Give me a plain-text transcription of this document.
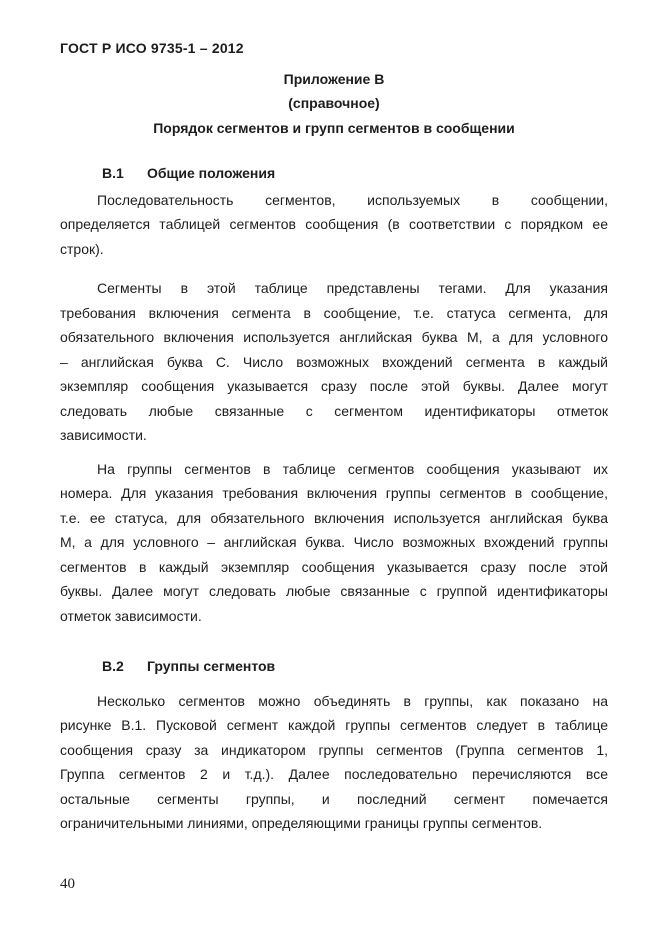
ГОСТ Р ИСО 9735-1 – 2012
Приложение В
(справочное)
Порядок сегментов и групп сегментов в сообщении
В.1 Общие положения
Последовательность сегментов, используемых в сообщении,
определяется таблицей сегментов сообщения (в соответствии с порядком ее
строк).
Сегменты в этой таблице представлены тегами. Для указания
требования включения сегмента в сообщение, т.е. статуса сегмента, для
обязательного включения используется английская буква M, а для условного
– английская буква C. Число возможных вхождений сегмента в каждый
экземпляр сообщения указывается сразу после этой буквы. Далее могут
следовать любые связанные с сегментом идентификаторы отметок
зависимости.
На группы сегментов в таблице сегментов сообщения указывают их
номера. Для указания требования включения группы сегментов в сообщение,
т.е. ее статуса, для обязательного включения используется английская буква
M, а для условного – английская буква. Число возможных вхождений группы
сегментов в каждый экземпляр сообщения указывается сразу после этой
буквы. Далее могут следовать любые связанные с группой идентификаторы
отметок зависимости.
В.2 Группы сегментов
Несколько сегментов можно объединять в группы, как показано на
рисунке В.1. Пусковой сегмент каждой группы сегментов следует в таблице
сообщения сразу за индикатором группы сегментов (Группа сегментов 1,
Группа сегментов 2 и т.д.). Далее последовательно перечисляются все
остальные сегменты группы, и последний сегмент помечается
ограничительными линиями, определяющими границы группы сегментов.
40
